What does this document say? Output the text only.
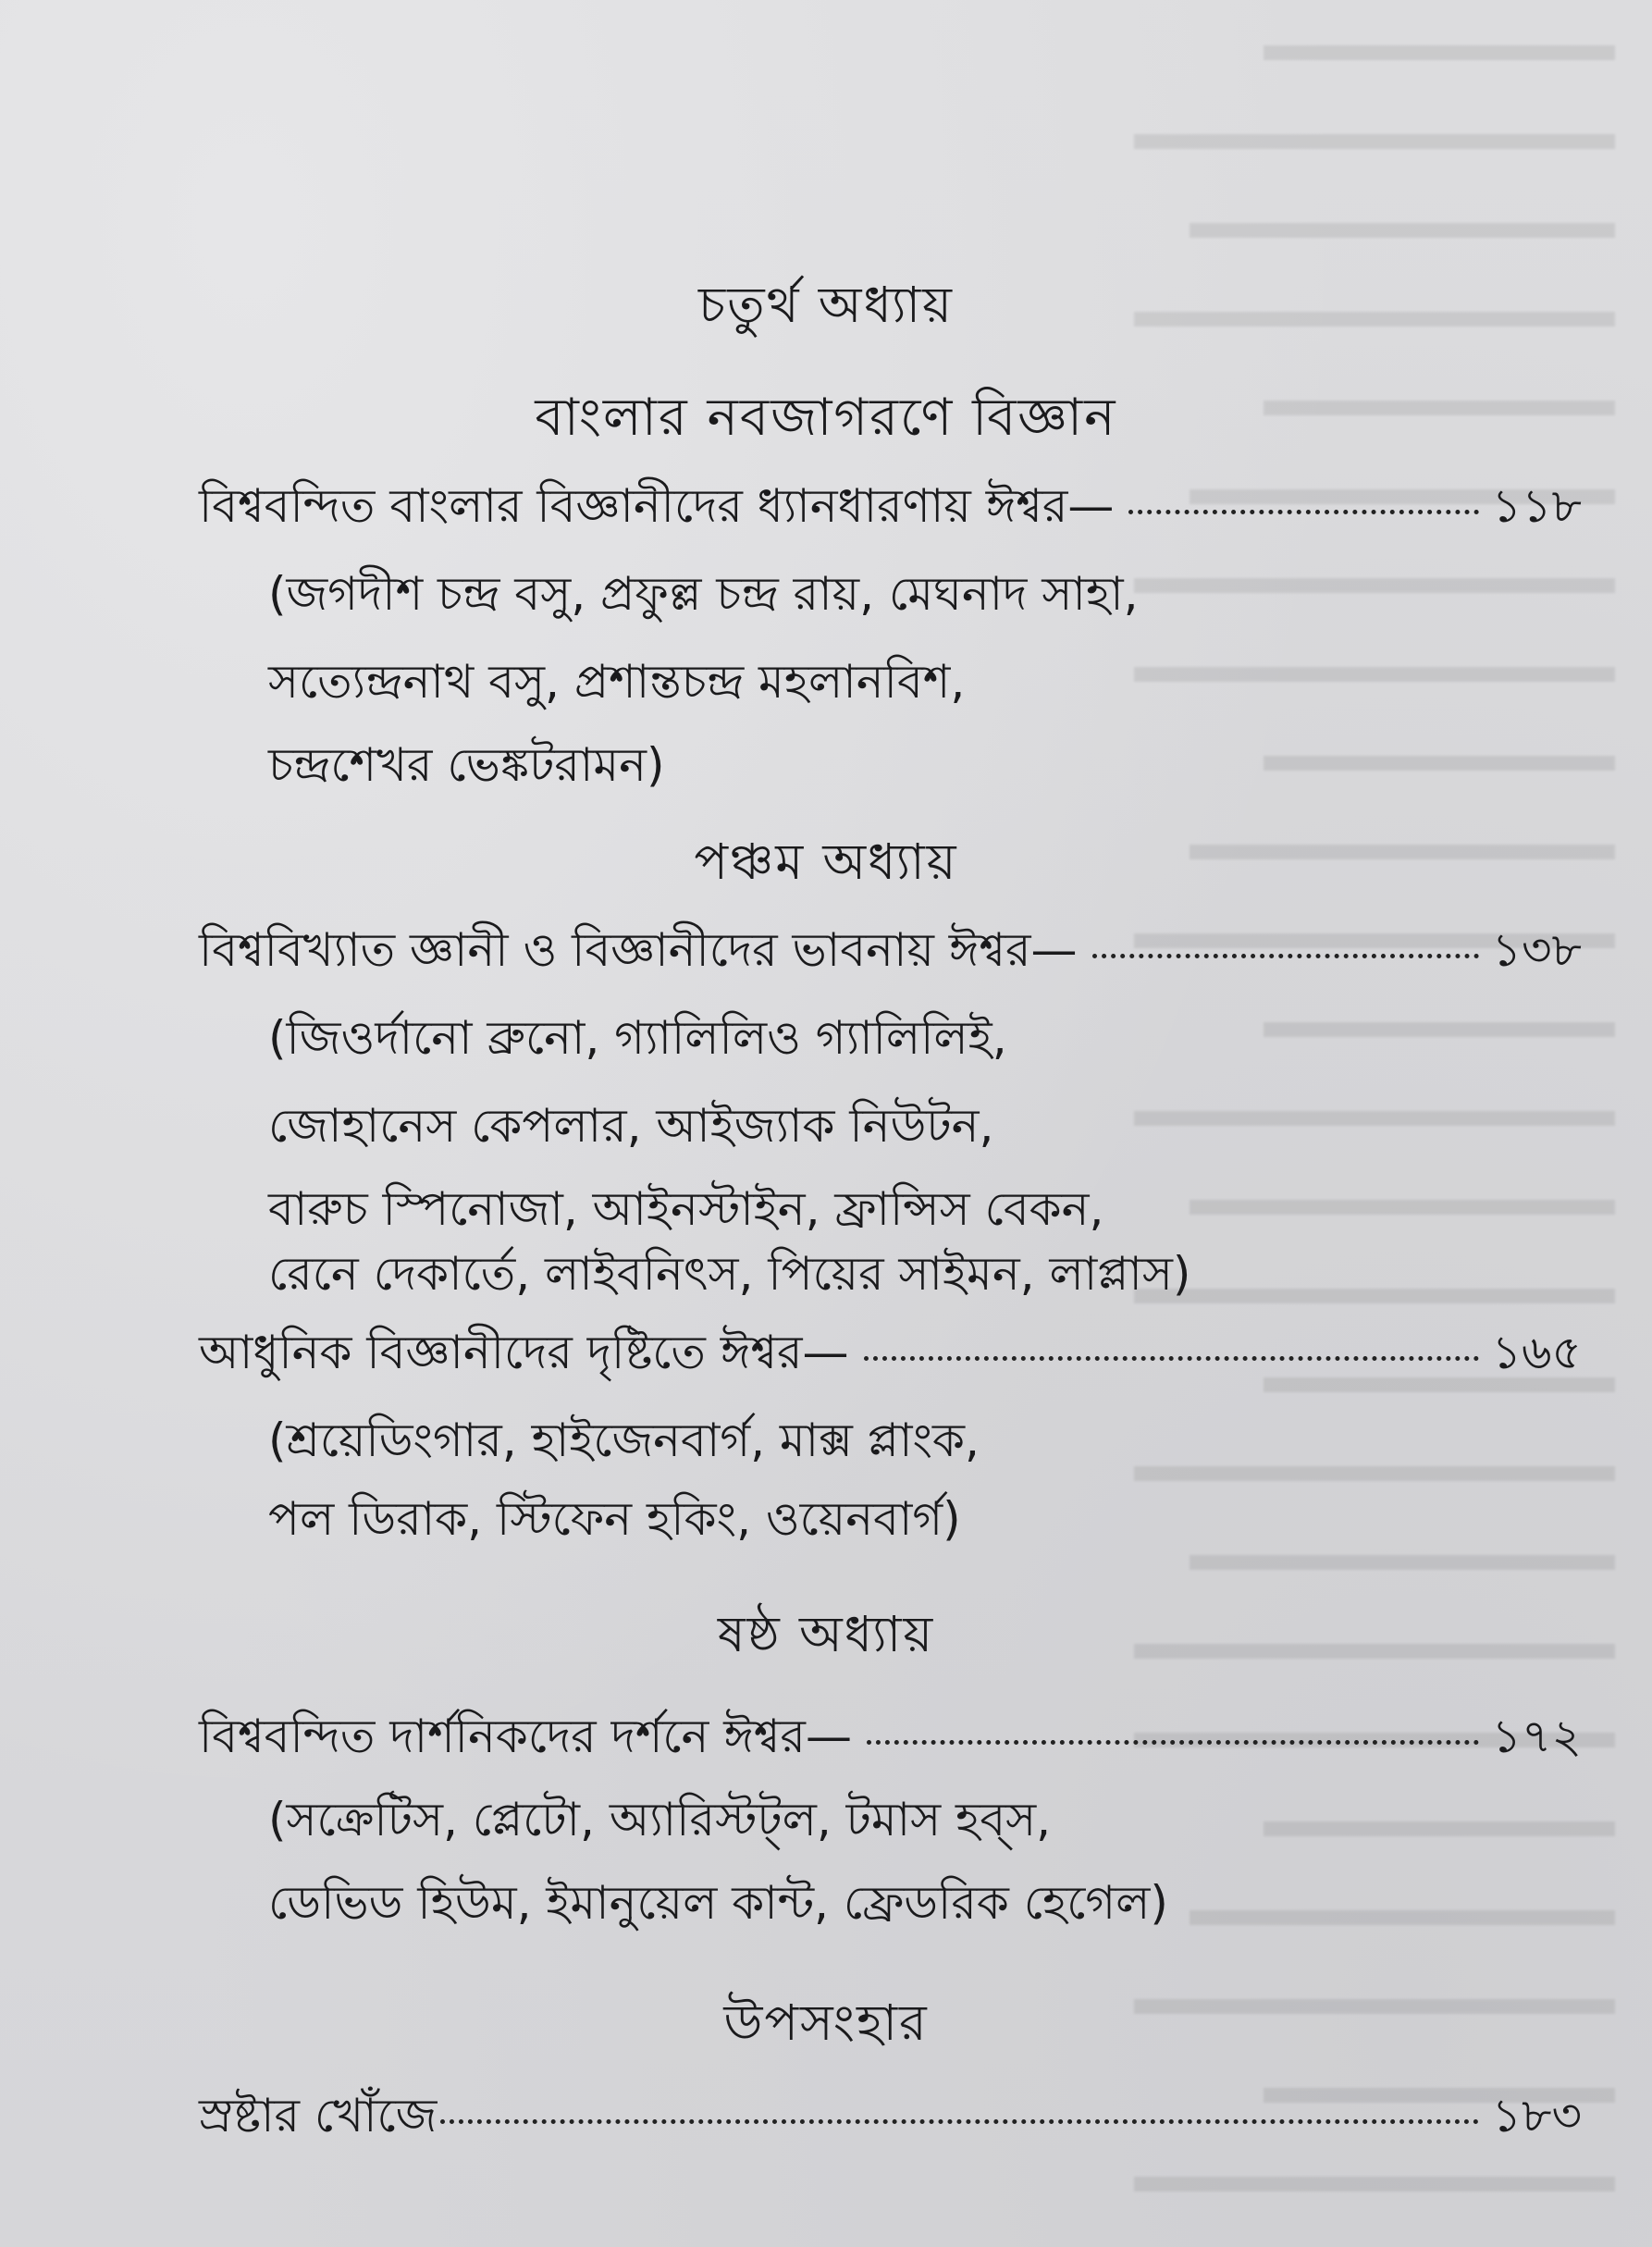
চতুর্থ অধ্যায়
বাংলার নবজাগরণে বিজ্ঞান
বিশ্ববন্দিত বাংলার বিজ্ঞানীদের ধ্যানধারণায় ঈশ্বর—	১১৮
(জগদীশ চন্দ্র বসু, প্রফুল্ল চন্দ্র রায়, মেঘনাদ সাহা,
সত্যেন্দ্রনাথ বসু, প্রশান্তচন্দ্র মহলানবিশ,
চন্দ্রশেখর ভেঙ্কটরামন)
পঞ্চম অধ্যায়
বিশ্ববিখ্যাত জ্ঞানী ও বিজ্ঞানীদের ভাবনায় ঈশ্বর—	১৩৮
(জিওর্দানো ব্রুনো, গ্যালিলিও গ্যালিলিই,
জোহানেস কেপলার, আইজ্যাক নিউটন,
বারুচ স্পিনোজা, আইনস্টাইন, ফ্রান্সিস বেকন,
রেনে দেকার্তে, লাইবনিৎস, পিয়ের সাইমন, লাপ্লাস)
আধুনিক বিজ্ঞানীদের দৃষ্টিতে ঈশ্বর—	১৬৫
(শ্রয়েডিংগার, হাইজেনবার্গ, মাক্স প্লাংক,
পল ডিরাক, স্টিফেন হকিং, ওয়েনবার্গ)
ষষ্ঠ অধ্যায়
বিশ্ববন্দিত দার্শনিকদের দর্শনে ঈশ্বর—	১৭২
(সক্রেটিস, প্লেটো, অ্যারিস্টট্‌ল, টমাস হব্‌স,
ডেভিড হিউম, ইমানুয়েল কান্ট, ফ্রেডরিক হেগেল)
উপসংহার
স্রষ্টার খোঁজে	১৮৩
